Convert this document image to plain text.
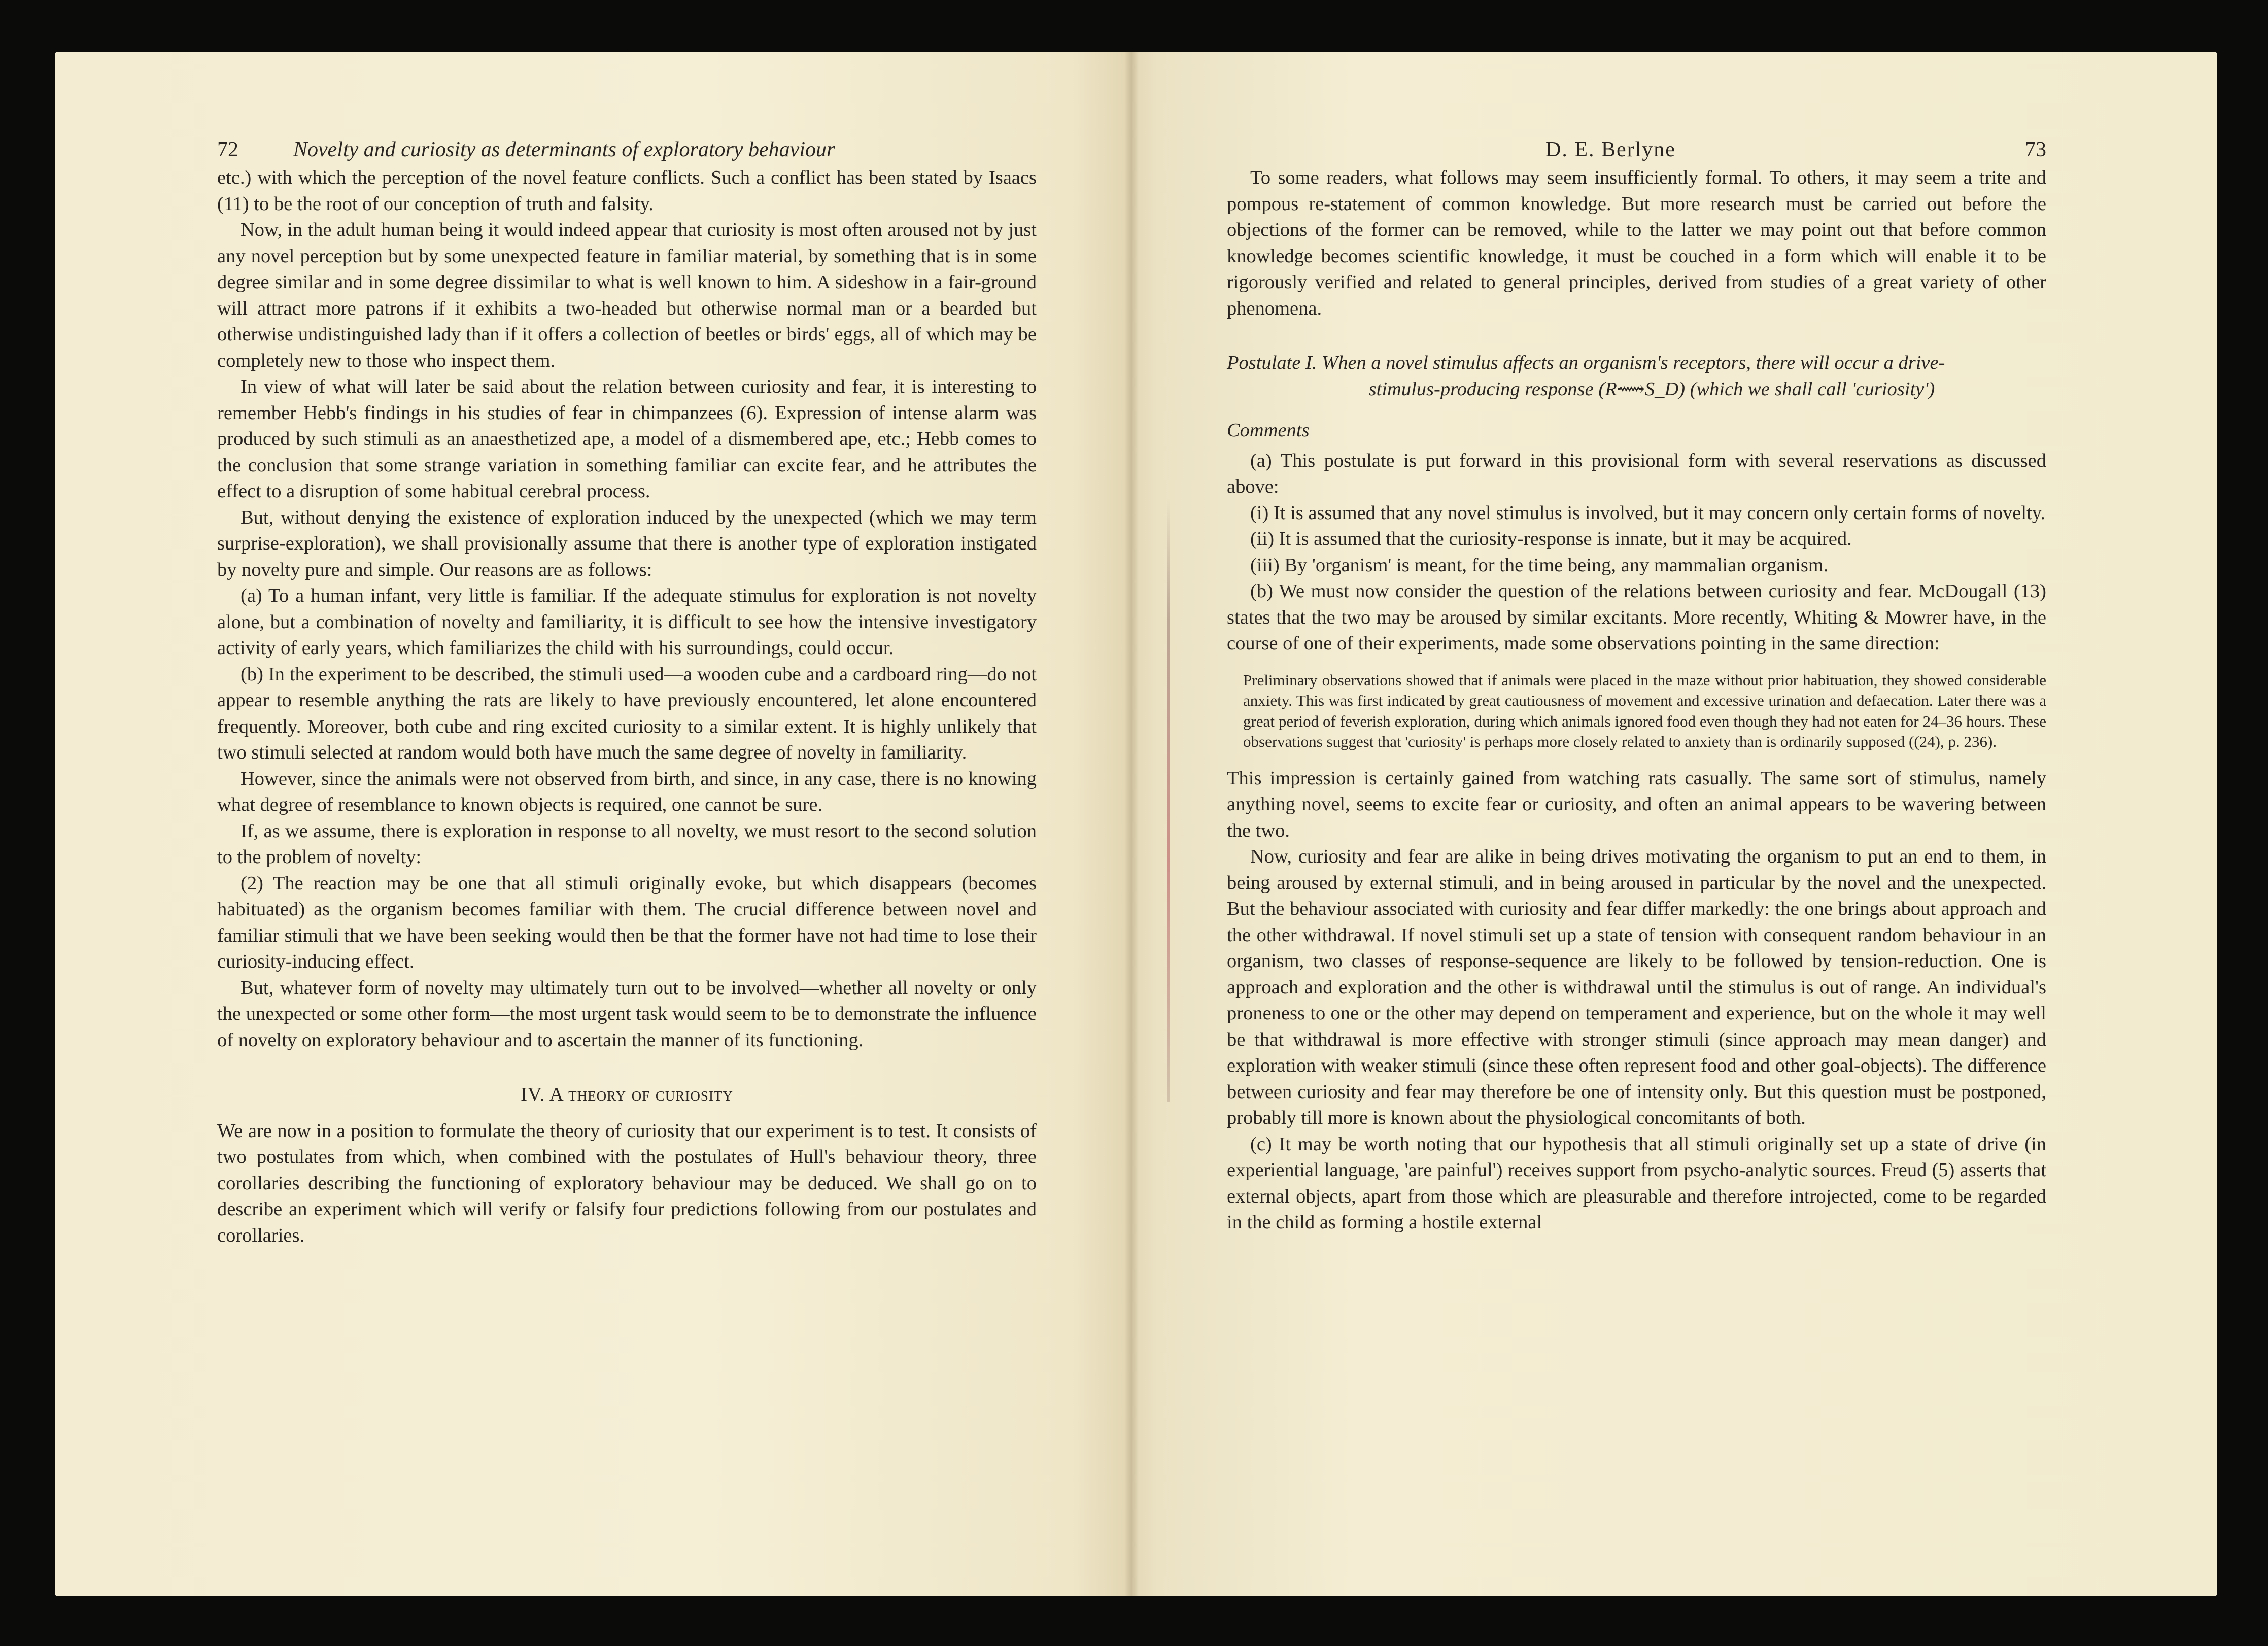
72	Novelty and curiosity as determinants of exploratory behaviour

etc.) with which the perception of the novel feature conflicts. Such a conflict has been stated by Isaacs (11) to be the root of our conception of truth and falsity.

Now, in the adult human being it would indeed appear that curiosity is most often aroused not by just any novel perception but by some unexpected feature in familiar material, by something that is in some degree similar and in some degree dissimilar to what is well known to him. A sideshow in a fair-ground will attract more patrons if it exhibits a two-headed but otherwise normal man or a bearded but otherwise undistinguished lady than if it offers a collection of beetles or birds' eggs, all of which may be completely new to those who inspect them.

In view of what will later be said about the relation between curiosity and fear, it is interesting to remember Hebb's findings in his studies of fear in chimpanzees (6). Expression of intense alarm was produced by such stimuli as an anaesthetized ape, a model of a dismembered ape, etc.; Hebb comes to the conclusion that some strange variation in something familiar can excite fear, and he attributes the effect to a disruption of some habitual cerebral process.

But, without denying the existence of exploration induced by the unexpected (which we may term surprise-exploration), we shall provisionally assume that there is another type of exploration instigated by novelty pure and simple. Our reasons are as follows:

(a) To a human infant, very little is familiar. If the adequate stimulus for exploration is not novelty alone, but a combination of novelty and familiarity, it is difficult to see how the intensive investigatory activity of early years, which familiarizes the child with his surroundings, could occur.

(b) In the experiment to be described, the stimuli used—a wooden cube and a cardboard ring—do not appear to resemble anything the rats are likely to have previously encountered, let alone encountered frequently. Moreover, both cube and ring excited curiosity to a similar extent. It is highly unlikely that two stimuli selected at random would both have much the same degree of novelty in familiarity.

However, since the animals were not observed from birth, and since, in any case, there is no knowing what degree of resemblance to known objects is required, one cannot be sure.

If, as we assume, there is exploration in response to all novelty, we must resort to the second solution to the problem of novelty:

(2) The reaction may be one that all stimuli originally evoke, but which disappears (becomes habituated) as the organism becomes familiar with them. The crucial difference between novel and familiar stimuli that we have been seeking would then be that the former have not had time to lose their curiosity-inducing effect.

But, whatever form of novelty may ultimately turn out to be involved—whether all novelty or only the unexpected or some other form—the most urgent task would seem to be to demonstrate the influence of novelty on exploratory behaviour and to ascertain the manner of its functioning.

IV. A theory of curiosity

We are now in a position to formulate the theory of curiosity that our experiment is to test. It consists of two postulates from which, when combined with the postulates of Hull's behaviour theory, three corollaries describing the functioning of exploratory behaviour may be deduced. We shall go on to describe an experiment which will verify or falsify four predictions following from our postulates and corollaries.

D. E. Berlyne	73

To some readers, what follows may seem insufficiently formal. To others, it may seem a trite and pompous re-statement of common knowledge. But more research must be carried out before the objections of the former can be removed, while to the latter we may point out that before common knowledge becomes scientific knowledge, it must be couched in a form which will enable it to be rigorously verified and related to general principles, derived from studies of a great variety of other phenomena.

Postulate I. When a novel stimulus affects an organism's receptors, there will occur a drive-
stimulus-producing response (R⟿S_D) (which we shall call 'curiosity')
Comments

(a) This postulate is put forward in this provisional form with several reservations as discussed above:

(i) It is assumed that any novel stimulus is involved, but it may concern only certain forms of novelty.

(ii) It is assumed that the curiosity-response is innate, but it may be acquired.

(iii) By 'organism' is meant, for the time being, any mammalian organism.

(b) We must now consider the question of the relations between curiosity and fear. McDougall (13) states that the two may be aroused by similar excitants. More recently, Whiting & Mowrer have, in the course of one of their experiments, made some observations pointing in the same direction:

Preliminary observations showed that if animals were placed in the maze without prior habituation, they showed considerable anxiety. This was first indicated by great cautiousness of movement and excessive urination and defaecation. Later there was a great period of feverish exploration, during which animals ignored food even though they had not eaten for 24–36 hours. These observations suggest that 'curiosity' is perhaps more closely related to anxiety than is ordinarily supposed ((24), p. 236).

This impression is certainly gained from watching rats casually. The same sort of stimulus, namely anything novel, seems to excite fear or curiosity, and often an animal appears to be wavering between the two.

Now, curiosity and fear are alike in being drives motivating the organism to put an end to them, in being aroused by external stimuli, and in being aroused in particular by the novel and the unexpected. But the behaviour associated with curiosity and fear differ markedly: the one brings about approach and the other withdrawal. If novel stimuli set up a state of tension with consequent random behaviour in an organism, two classes of response-sequence are likely to be followed by tension-reduction. One is approach and exploration and the other is withdrawal until the stimulus is out of range. An individual's proneness to one or the other may depend on temperament and experience, but on the whole it may well be that withdrawal is more effective with stronger stimuli (since approach may mean danger) and exploration with weaker stimuli (since these often represent food and other goal-objects). The difference between curiosity and fear may therefore be one of intensity only. But this question must be postponed, probably till more is known about the physiological concomitants of both.

(c) It may be worth noting that our hypothesis that all stimuli originally set up a state of drive (in experiential language, 'are painful') receives support from psycho-analytic sources. Freud (5) asserts that external objects, apart from those which are pleasurable and therefore introjected, come to be regarded in the child as forming a hostile external
